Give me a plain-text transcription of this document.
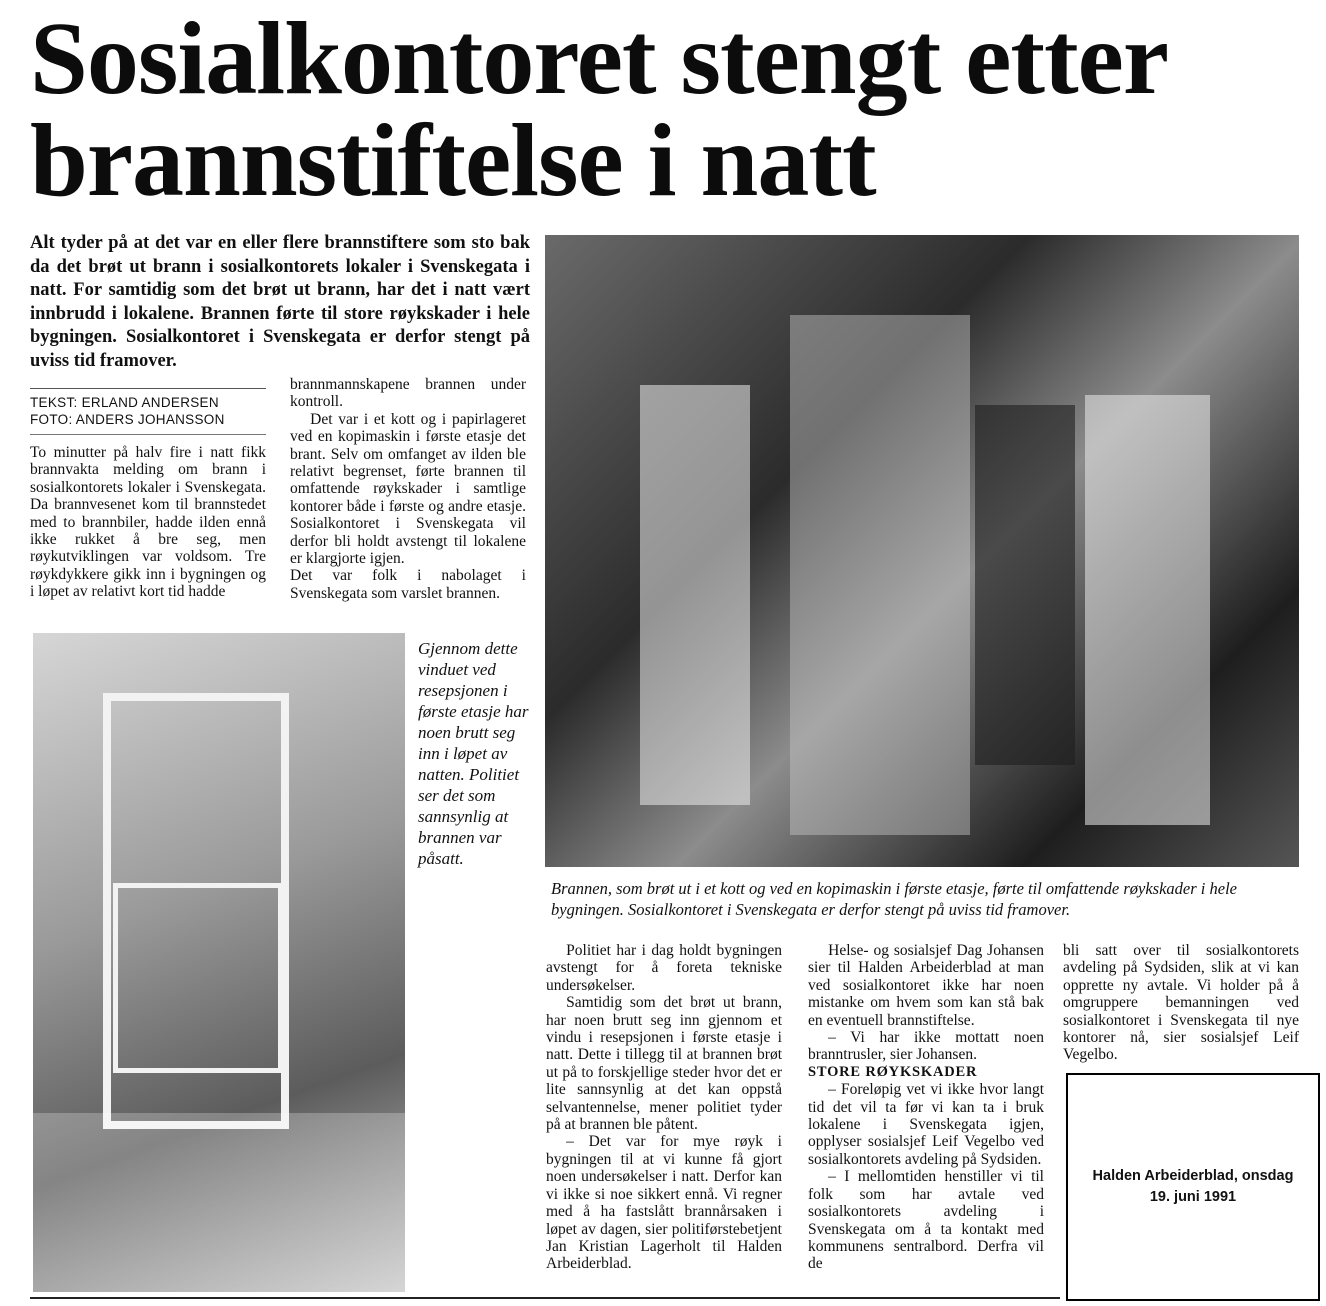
Sosialkontoret stengt etter
brannstiftelse i natt

Alt tyder på at det var en eller flere brannstiftere som sto bak da det brøt ut brann i sosialkontorets lokaler i Svenskegata i natt. For samtidig som det brøt ut brann, har det i natt vært innbrudd i lokalene. Brannen førte til store røykskader i hele bygningen. Sosialkontoret i Svenskegata er derfor stengt på uviss tid framover.

TEKST: ERLAND ANDERSEN
FOTO: ANDERS JOHANSSON

To minutter på halv fire i natt fikk brannvakta melding om brann i sosialkontorets lokaler i Svenskegata. Da brannvesenet kom til brannstedet med to brannbiler, hadde ilden ennå ikke rukket å bre seg, men røykutviklingen var voldsom. Tre røykdykkere gikk inn i bygningen og i løpet av relativt kort tid hadde

brannmannskapene brannen under kontroll.

Det var i et kott og i papirlageret ved en kopimaskin i første etasje det brant. Selv om omfanget av ilden ble relativt begrenset, førte brannen til omfattende røykskader i samtlige kontorer både i første og andre etasje. Sosialkontoret i Svenskegata vil derfor bli holdt avstengt til lokalene er klargjorte igjen.

Det var folk i nabolaget i Svenskegata som varslet brannen.

Gjennom dette vinduet ved resepsjonen i første etasje har noen brutt seg inn i løpet av natten. Politiet ser det som sannsynlig at brannen var påsatt.
Brannen, som brøt ut i et kott og ved en kopimaskin i første etasje, førte til omfattende røykskader i hele bygningen. Sosialkontoret i Svenskegata er derfor stengt på uviss tid framover.

Politiet har i dag holdt bygningen avstengt for å foreta tekniske undersøkelser.

Samtidig som det brøt ut brann, har noen brutt seg inn gjennom et vindu i resepsjonen i første etasje i natt. Dette i tillegg til at brannen brøt ut på to forskjellige steder hvor det er lite sannsynlig at det kan oppstå selvantennelse, mener politiet tyder på at brannen ble påtent.

– Det var for mye røyk i bygningen til at vi kunne få gjort noen undersøkelser i natt. Derfor kan vi ikke si noe sikkert ennå. Vi regner med å ha fastslått brannårsaken i løpet av dagen, sier politiførstebetjent Jan Kristian Lagerholt til Halden Arbeiderblad.

Helse- og sosialsjef Dag Johansen sier til Halden Arbeiderblad at man ved sosialkontoret ikke har noen mistanke om hvem som kan stå bak en eventuell brannstiftelse.

– Vi har ikke mottatt noen branntrusler, sier Johansen.

STORE RØYKSKADER

– Foreløpig vet vi ikke hvor langt tid det vil ta før vi kan ta i bruk lokalene i Svenskegata igjen, opplyser sosialsjef Leif Vegelbo ved sosialkontorets avdeling på Sydsiden.

– I mellomtiden henstiller vi til folk som har avtale ved sosialkontorets avdeling i Svenskegata om å ta kontakt med kommunens sentralbord. Derfra vil de

bli satt over til sosialkontorets avdeling på Sydsiden, slik at vi kan opprette ny avtale. Vi holder på å omgruppere bemanningen ved sosialkontoret i Svenskegata til nye kontorer nå, sier sosialsjef Leif Vegelbo.

Halden Arbeiderblad, onsdag
19. juni 1991
